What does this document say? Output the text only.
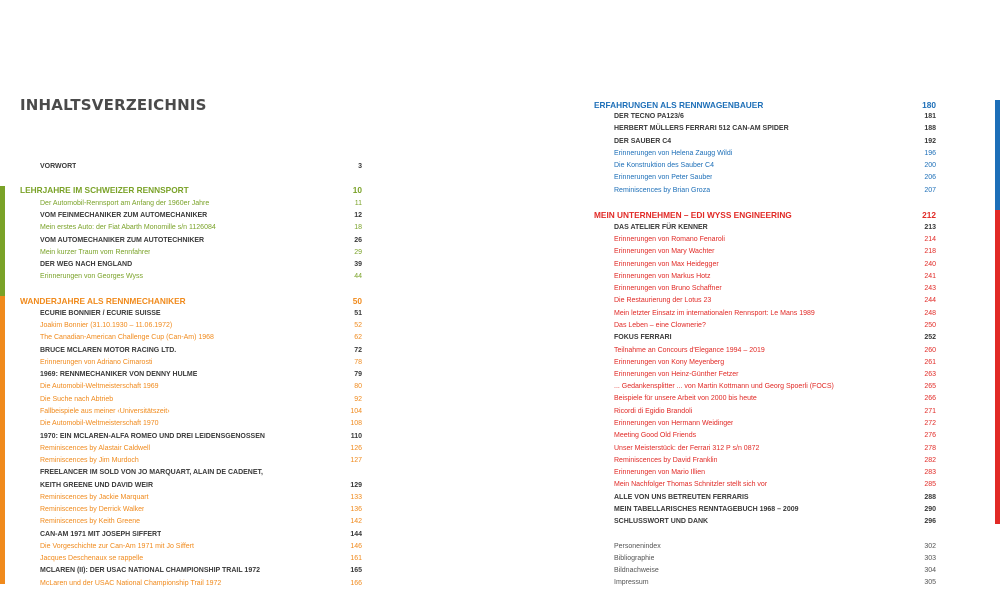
INHALTSVERZEICHNIS
VORWORT	3
LEHRJAHRE IM SCHWEIZER RENNSPORT	10
Der Automobil-Rennsport am Anfang der 1960er Jahre	11
VOM FEINMECHANIKER ZUM AUTOMECHANIKER	12
Mein erstes Auto: der Fiat Abarth Monomille s/n 1126084	18
VOM AUTOMECHANIKER ZUM AUTOTECHNIKER	26
Mein kurzer Traum vom Rennfahrer	29
DER WEG NACH ENGLAND	39
Erinnerungen von Georges Wyss	44
WANDERJAHRE ALS RENNMECHANIKER	50
ECURIE BONNIER / ECURIE SUISSE	51
Joakim Bonnier (31.10.1930 – 11.06.1972)	52
The Canadian-American Challenge Cup (Can-Am) 1968	62
BRUCE MCLAREN MOTOR RACING LTD.	72
Erinnerungen von Adriano Cimarosti	78
1969: RENNMECHANIKER VON DENNY HULME	79
Die Automobil-Weltmeisterschaft 1969	80
Die Suche nach Abtrieb	92
Fallbeispiele aus meiner ‹Universitätszeit›	104
Die Automobil-Weltmeisterschaft 1970	108
1970: EIN MCLAREN-ALFA ROMEO UND DREI LEIDENSGENOSSEN	110
Reminiscences by Alastair Caldwell	126
Reminiscences by Jim Murdoch	127
FREELANCER IM SOLD VON JO MARQUART, ALAIN DE CADENET,
KEITH GREENE UND DAVID WEIR	129
Reminiscences by Jackie Marquart	133
Reminiscences by Derrick Walker	136
Reminiscences by Keith Greene	142
CAN-AM 1971 MIT JOSEPH SIFFERT	144
Die Vorgeschichte zur Can-Am 1971 mit Jo Siffert	146
Jacques Deschenaux se rappelle	161
MCLAREN (II): DER USAC NATIONAL CHAMPIONSHIP TRAIL 1972	165
McLaren und der USAC National Championship Trail 1972	166
ERFAHRUNGEN ALS RENNWAGENBAUER	180
DER TECNO PA123/6	181
HERBERT MÜLLERS FERRARI 512 CAN-AM SPIDER	188
DER SAUBER C4	192
Erinnerungen von Helena Zaugg Wildi	196
Die Konstruktion des Sauber C4	200
Erinnerungen von Peter Sauber	206
Reminiscences by Brian Groza	207
MEIN UNTERNEHMEN – EDI WYSS ENGINEERING	212
DAS ATELIER FÜR KENNER	213
Erinnerungen von Romano Fenaroli	214
Erinnerungen von Mary Wachter	218
Erinnerungen von Max Heidegger	240
Erinnerungen von Markus Hotz	241
Erinnerungen von Bruno Schaffner	243
Die Restaurierung der Lotus 23	244
Mein letzter Einsatz im internationalen Rennsport: Le Mans 1989	248
Das Leben – eine Clownerie?	250
FOKUS FERRARI	252
Teilnahme an Concours d'Elegance 1994 – 2019	260
Erinnerungen von Kony Meyenberg	261
Erinnerungen von Heinz-Günther Fetzer	263
... Gedankensplitter ... von Martin Kottmann und Georg Spoerli (FOCS)	265
Beispiele für unsere Arbeit von 2000 bis heute	266
Ricordi di Egidio Brandoli	271
Erinnerungen von Hermann Weidinger	272
Meeting Good Old Friends	276
Unser Meisterstück: der Ferrari 312 P s/n 0872	278
Reminiscences by David Franklin	282
Erinnerungen von Mario Illien	283
Mein Nachfolger Thomas Schnitzler stellt sich vor	285
ALLE VON UNS BETREUTEN FERRARIS	288
MEIN TABELLARISCHES RENNTAGEBUCH 1968 – 2009	290
SCHLUSSWORT UND DANK	296
Personenindex	302
Bibliographie	303
Bildnachweise	304
Impressum	305
